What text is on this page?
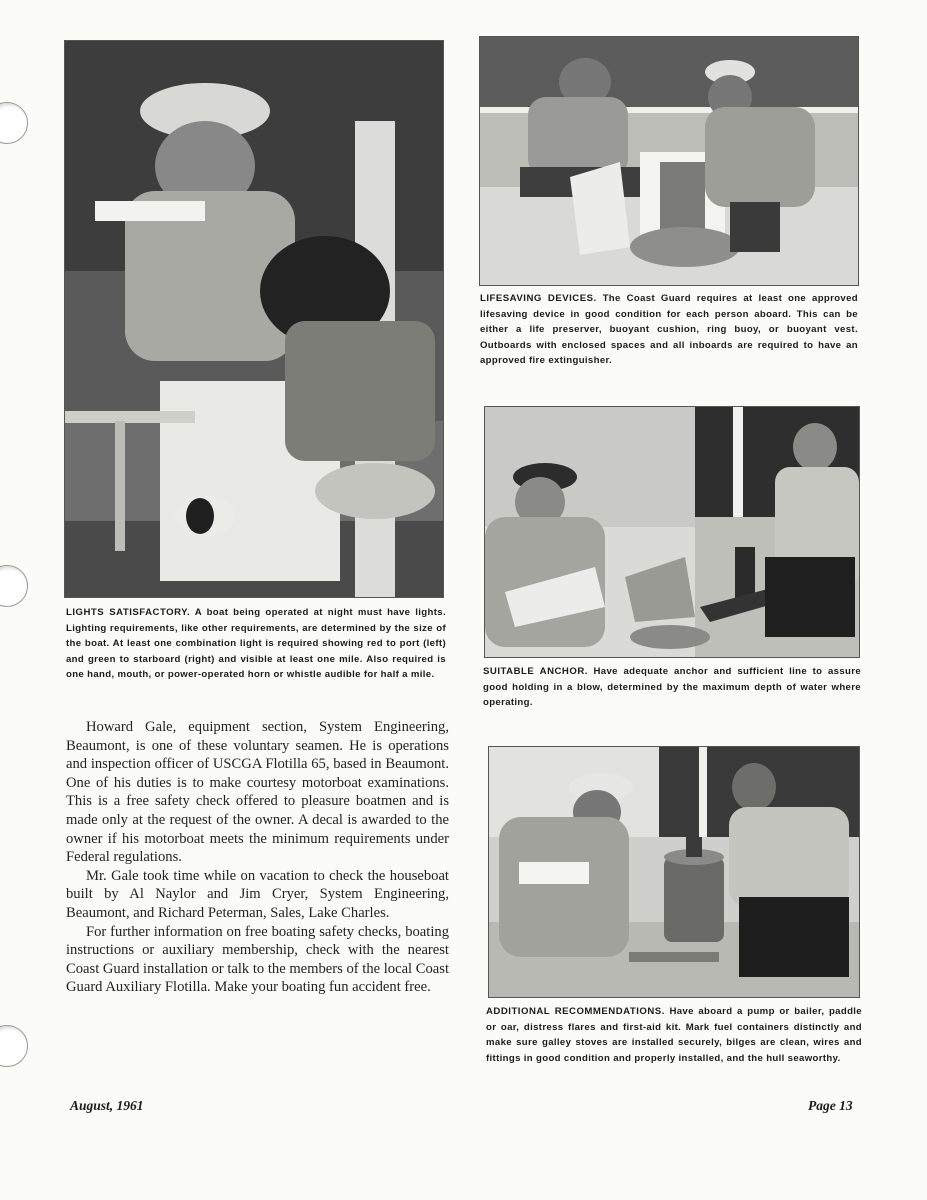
LIGHTS SATISFACTORY. A boat being operated at night must have lights. Lighting requirements, like other requirements, are determined by the size of the boat. At least one combination light is required showing red to port (left) and green to starboard (right) and visible at least one mile. Also required is one hand, mouth, or power-operated horn or whistle audible for half a mile.

LIFESAVING DEVICES. The Coast Guard requires at least one approved lifesaving device in good condition for each person aboard. This can be either a life preserver, buoyant cushion, ring buoy, or buoyant vest. Outboards with enclosed spaces and all inboards are required to have an approved fire extinguisher.

SUITABLE ANCHOR. Have adequate anchor and sufficient line to assure good holding in a blow, determined by the maximum depth of water where operating.

ADDITIONAL RECOMMENDATIONS. Have aboard a pump or bailer, paddle or oar, distress flares and first-aid kit. Mark fuel containers distinctly and make sure galley stoves are installed securely, bilges are clean, wires and fittings in good condition and properly installed, and the hull seaworthy.

Howard Gale, equipment section, System Engineering, Beaumont, is one of these voluntary seamen. He is operations and inspection officer of USCGA Flotilla 65, based in Beaumont. One of his duties is to make courtesy motorboat examinations. This is a free safety check offered to pleasure boatmen and is made only at the request of the owner. A decal is awarded to the owner if his motorboat meets the minimum requirements under Federal regulations.

Mr. Gale took time while on vacation to check the houseboat built by Al Naylor and Jim Cryer, System Engineering, Beaumont, and Richard Peterman, Sales, Lake Charles.

For further information on free boating safety checks, boating instructions or auxiliary membership, check with the nearest Coast Guard installation or talk to the members of the local Coast Guard Auxiliary Flotilla. Make your boating fun accident free.

August, 1961	Page 13
